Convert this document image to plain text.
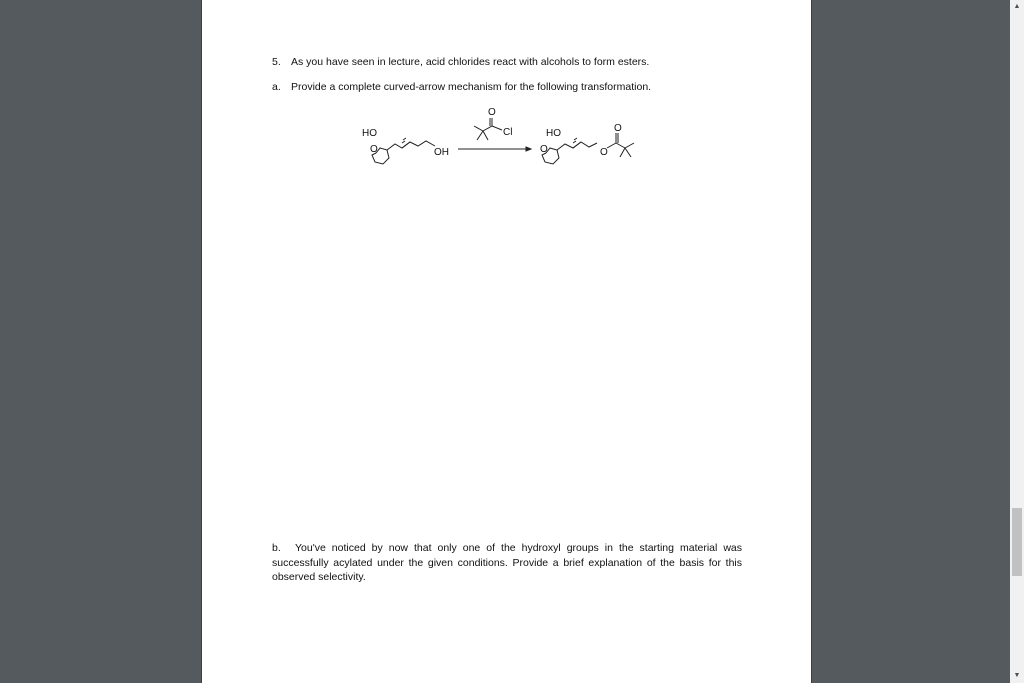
5. As you have seen in lecture, acid chlorides react with alcohols to form esters.
a. Provide a complete curved-arrow mechanism for the following transformation.
HO
OH
O
O
Cl	HO
O	O
O
b. You've noticed by now that only one of the hydroxyl groups in the starting material was successfully acylated under the given conditions. Provide a brief explanation of the basis for this observed selectivity.
▲
▼
